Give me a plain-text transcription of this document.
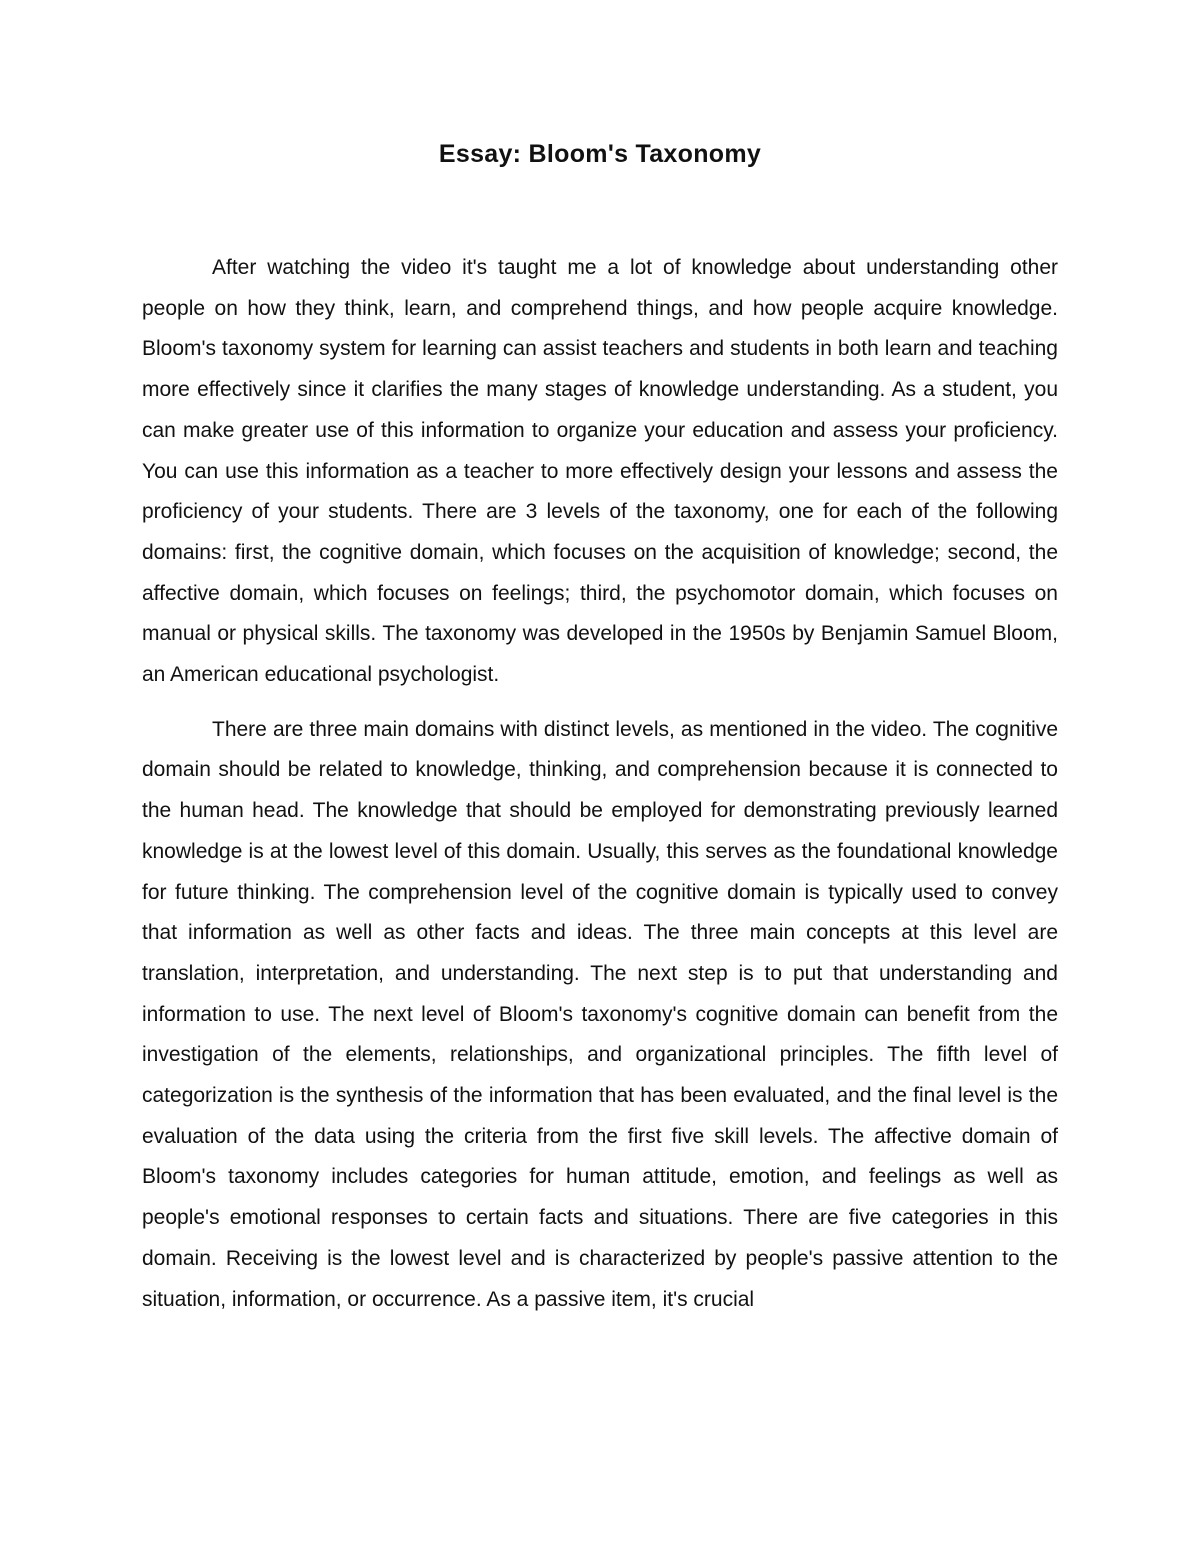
Essay: Bloom's Taxonomy

After watching the video it's taught me a lot of knowledge about understanding other people on how they think, learn, and comprehend things, and how people acquire knowledge. Bloom's taxonomy system for learning can assist teachers and students in both learn and teaching more effectively since it clarifies the many stages of knowledge understanding. As a student, you can make greater use of this information to organize your education and assess your proficiency. You can use this information as a teacher to more effectively design your lessons and assess the proficiency of your students. There are 3 levels of the taxonomy, one for each of the following domains: first, the cognitive domain, which focuses on the acquisition of knowledge; second, the affective domain, which focuses on feelings; third, the psychomotor domain, which focuses on manual or physical skills. The taxonomy was developed in the 1950s by Benjamin Samuel Bloom, an American educational psychologist.

There are three main domains with distinct levels, as mentioned in the video. The cognitive domain should be related to knowledge, thinking, and comprehension because it is connected to the human head. The knowledge that should be employed for demonstrating previously learned knowledge is at the lowest level of this domain. Usually, this serves as the foundational knowledge for future thinking. The comprehension level of the cognitive domain is typically used to convey that information as well as other facts and ideas. The three main concepts at this level are translation, interpretation, and understanding. The next step is to put that understanding and information to use. The next level of Bloom's taxonomy's cognitive domain can benefit from the investigation of the elements, relationships, and organizational principles. The fifth level of categorization is the synthesis of the information that has been evaluated, and the final level is the evaluation of the data using the criteria from the first five skill levels. The affective domain of Bloom's taxonomy includes categories for human attitude, emotion, and feelings as well as people's emotional responses to certain facts and situations. There are five categories in this domain. Receiving is the lowest level and is characterized by people's passive attention to the situation, information, or occurrence. As a passive item, it's crucial
